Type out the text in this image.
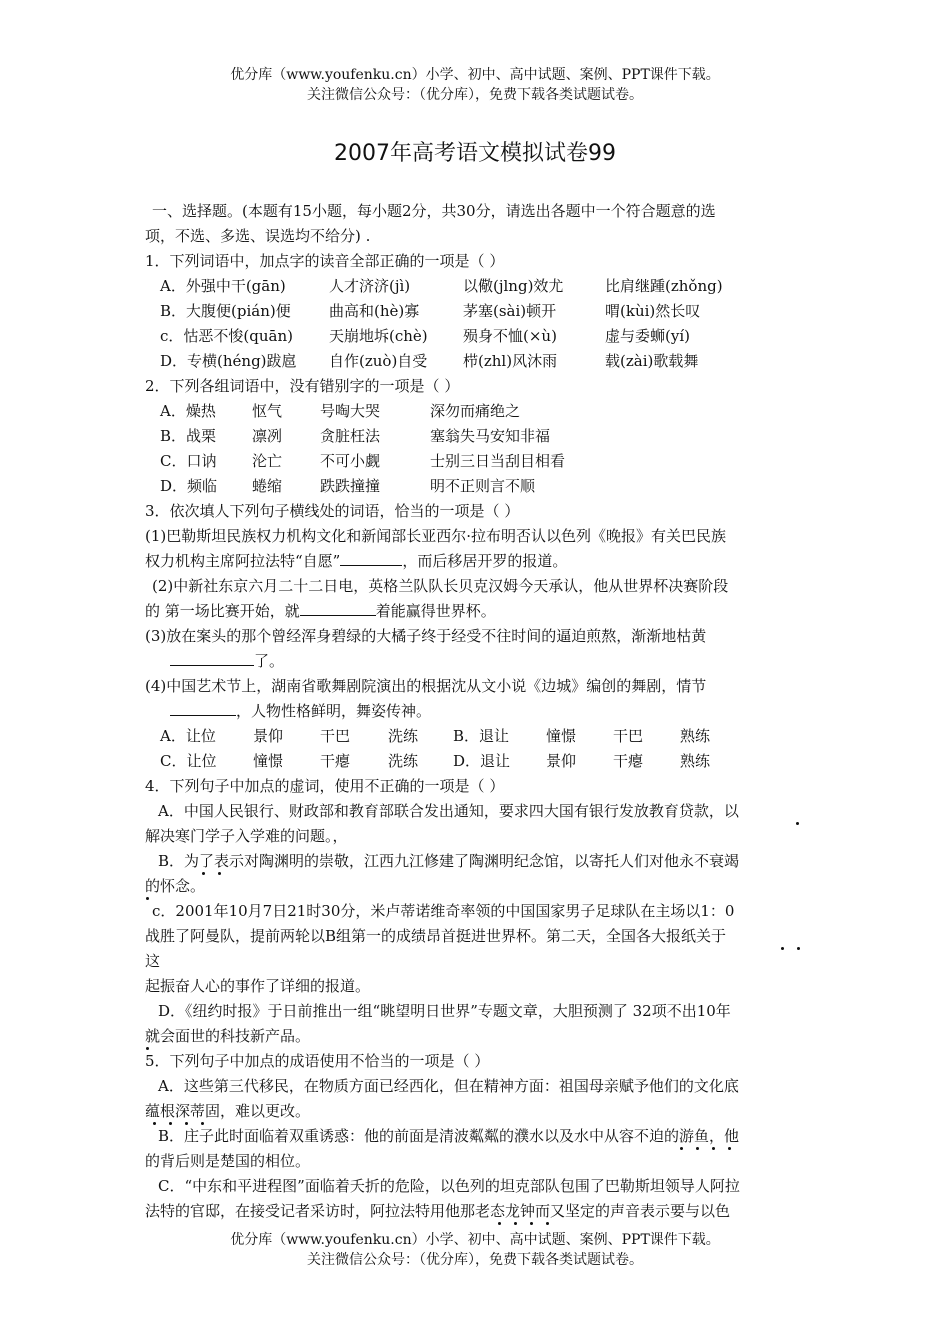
优分库（www.youfenku.cn）小学、初中、高中试题、案例、PPT课件下载。
关注微信公众号：（优分库），免费下载各类试题试卷。
2007年高考语文模拟试卷99
一、选择题。(本题有15小题，每小题2分，共30分，请选出各题中一个符合题意的选
项，不选、多选、误选均不给分) .
1．下列词语中，加点字的读音全部正确的一项是（ ）
A．外强中干(gān)	人才济济(jì)	以儆(jlng)效尤	比肩继踵(zhǒng)
B．大腹便(pián)便	曲高和(hè)寡	茅塞(sài)顿开	喟(kùi)然长叹
c．怙恶不悛(quān) 天崩地坼(chè) 殒身不恤(×ù)	虚与委蛳(yí)
D．专横(héng)跋扈 自作(zuò)自受 栉(zhl)风沐雨	载(zài)歌载舞
2．下列各组词语中，没有错别字的一项是（ ）
A．燥热 怄气	号啕大哭	深勿而痛绝之
B．战栗 凛冽	贪脏枉法	塞翁失马安知非福
C．口讷 沦亡	不可小觑	士别三日当刮目相看
D．频临 蜷缩	跌跌撞撞	明不正则言不顺
3．依次填人下列句子横线处的词语，恰当的一项是（ ）
(1)巴勒斯坦民族权力机构文化和新闻部长亚西尔·拉布明否认以色列《晚报》有关巴民族
权力机构主席阿拉法特“自愿”	，而后移居开罗的报道。
(2)中新社东京六月二十二日电，英格兰队队长贝克汉姆今天承认，他从世界杯决赛阶段
的 第一场比赛开始，就	着能赢得世界杯。
(3)放在案头的那个曾经浑身碧绿的大橘子终于经受不往时间的逼迫煎熬，渐渐地枯黄
了。
(4)中国艺术节上，湖南省歌舞剧院演出的根据沈从文小说《边城》编创的舞剧，情节
，人物性格鲜明，舞姿传神。
A．让位 景仰 干巴	洗练 B．退让 憧憬 干巴 熟练
C．让位 憧憬 干瘪	洗练 D．退让 景仰 干瘪 熟练
4．下列句子中加点的虚词，使用不正确的一项是（ ）
A．中国人民银行、财政部和教育部联合发出通知，要求四大国有银行发放教育贷款，以
解决寒门学子入学难的问题。，
B．为了表示对陶渊明的崇敬，江西九江修建了陶渊明纪念馆，以寄托人们对他永不衰竭
的怀念。
c．2001年10月7日21时30分，米卢蒂诺维奇率领的中国国家男子足球队在主场以1：0
战胜了阿曼队，提前两轮以B组第一的成绩昂首挺进世界杯。第二天，全国各大报纸关于
这
起振奋人心的事作了详细的报道。
D．《纽约时报》于日前推出一组“眺望明日世界”专题文章，大胆预测了 32项不出10年
就会面世的科技新产品。
5．下列句子中加点的成语使用不恰当的一项是（ ）
A．这些第三代移民，在物质方面已经西化，但在精神方面：祖国母亲赋予他们的文化底
蕴根深蒂固，难以更改。
B．庄子此时面临着双重诱惑：他的前面是清波粼粼的濮水以及水中从容不迫的游鱼，他
的背后则是楚国的相位。
C．“中东和平进程图”面临着夭折的危险，以色列的坦克部队包围了巴勒斯坦领导人阿拉
法特的官邸，在接受记者采访时，阿拉法特用他那老态龙钟而又坚定的声音表示要与以色
优分库（www.youfenku.cn）小学、初中、高中试题、案例、PPT课件下载。
关注微信公众号：（优分库），免费下载各类试题试卷。
